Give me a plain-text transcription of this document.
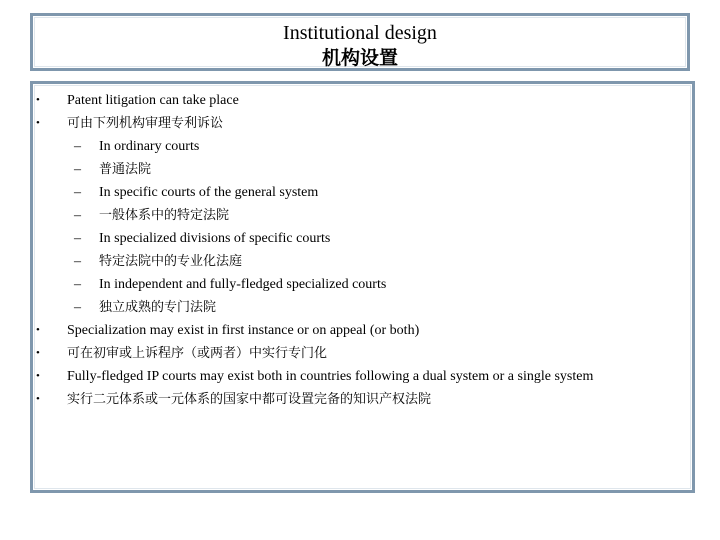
Institutional design
机构设置
• Patent litigation can take place
• 可由下列机构审理专利诉讼
– In ordinary courts
– 普通法院
– In specific courts of the general system
– 一般体系中的特定法院
– In specialized divisions of specific courts
– 特定法院中的专业化法庭
– In independent and fully-fledged specialized courts
– 独立成熟的专门法院
• Specialization may exist in first instance or on appeal (or both)
• 可在初审或上诉程序（或两者）中实行专门化
• Fully-fledged IP courts may exist both in countries following a dual system or a single system
• 实行二元体系或一元体系的国家中都可设置完备的知识产权法院
